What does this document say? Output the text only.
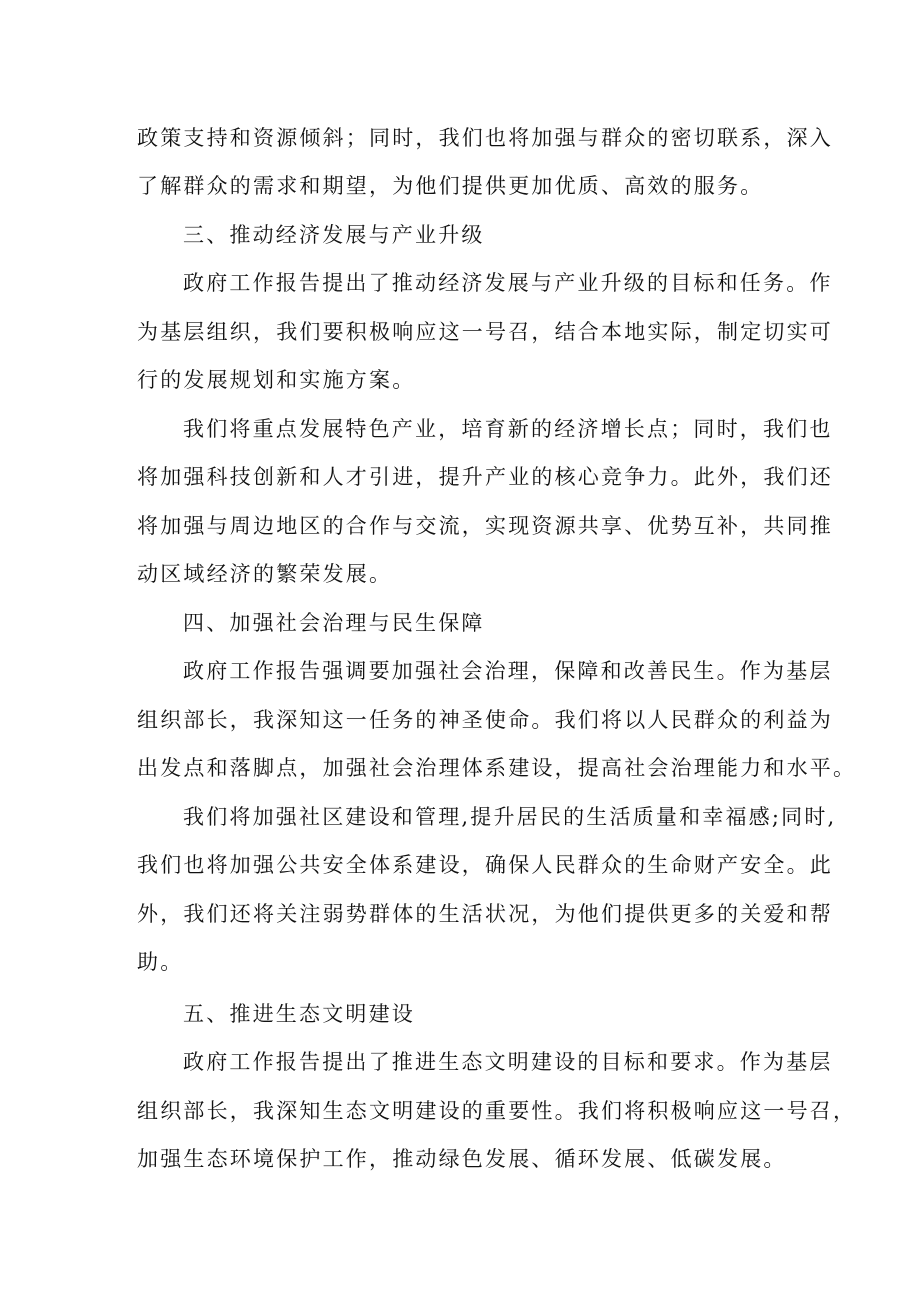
政策支持和资源倾斜；同时，我们也将加强与群众的密切联系，深入
了解群众的需求和期望，为他们提供更加优质、高效的服务。
三、推动经济发展与产业升级
政府工作报告提出了推动经济发展与产业升级的目标和任务。作
为基层组织，我们要积极响应这一号召，结合本地实际，制定切实可
行的发展规划和实施方案。
我们将重点发展特色产业，培育新的经济增长点；同时，我们也
将加强科技创新和人才引进，提升产业的核心竞争力。此外，我们还
将加强与周边地区的合作与交流，实现资源共享、优势互补，共同推
动区域经济的繁荣发展。
四、加强社会治理与民生保障
政府工作报告强调要加强社会治理，保障和改善民生。作为基层
组织部长，我深知这一任务的神圣使命。我们将以人民群众的利益为
出发点和落脚点，加强社会治理体系建设，提高社会治理能力和水平。
我们将加强社区建设和管理,提升居民的生活质量和幸福感;同时,
我们也将加强公共安全体系建设，确保人民群众的生命财产安全。此
外，我们还将关注弱势群体的生活状况，为他们提供更多的关爱和帮
助。
五、推进生态文明建设
政府工作报告提出了推进生态文明建设的目标和要求。作为基层
组织部长，我深知生态文明建设的重要性。我们将积极响应这一号召，
加强生态环境保护工作，推动绿色发展、循环发展、低碳发展。
